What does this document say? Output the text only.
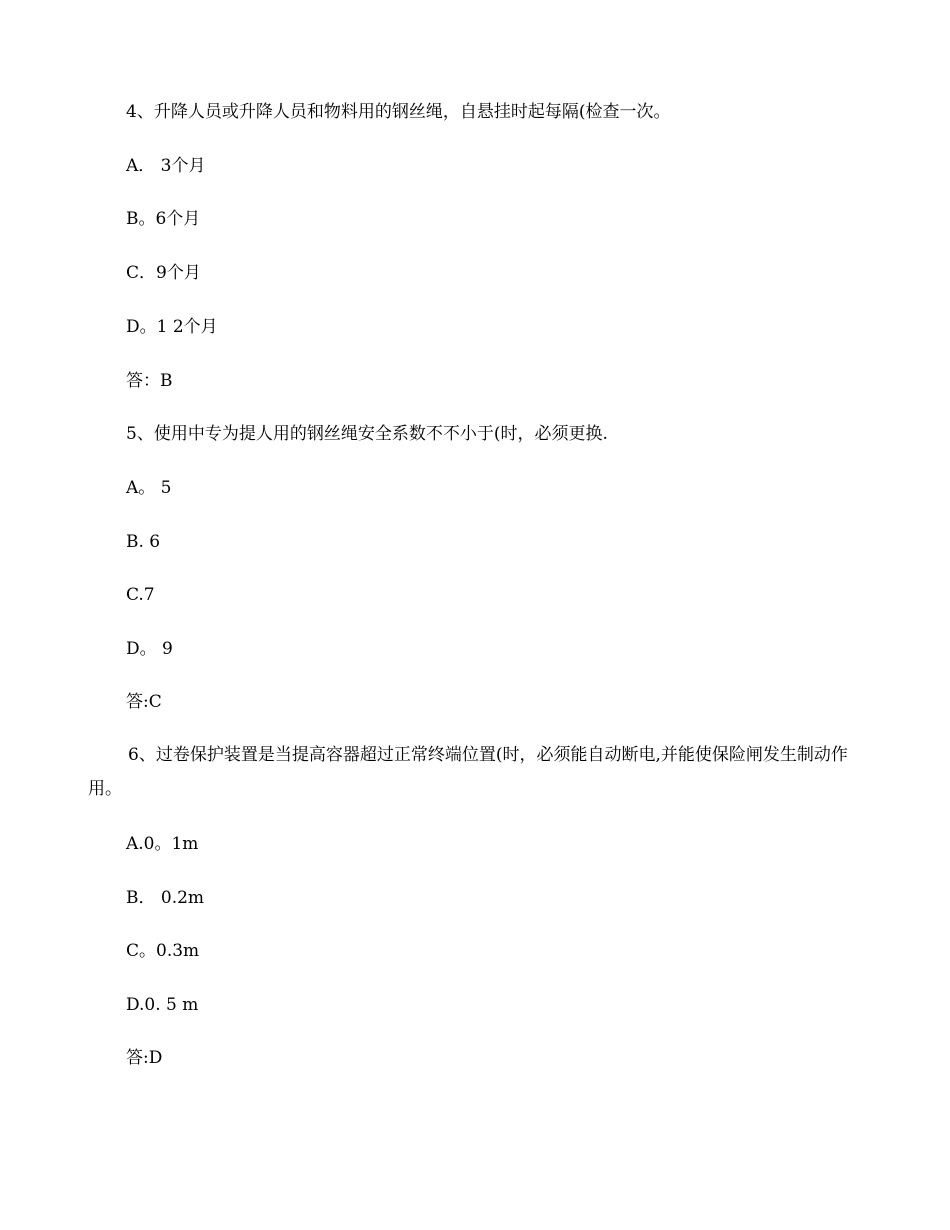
4、升降人员或升降人员和物料用的钢丝绳，自悬挂时起每隔(检查一次。
A． 3个月
B。6个月
C．9个月
D。1 2个月
答：B
5、使用中专为提人用的钢丝绳安全系数不不小于(时，必须更换.
A。 5
B. 6
C.7
D。 9
答:C
6、过卷保护装置是当提高容器超过正常终端位置(时，必须能自动断电,并能使保险闸发生制动作用。
A.0。1m
B． 0.2m
C。0.3m
D.0. 5 m
答:D
